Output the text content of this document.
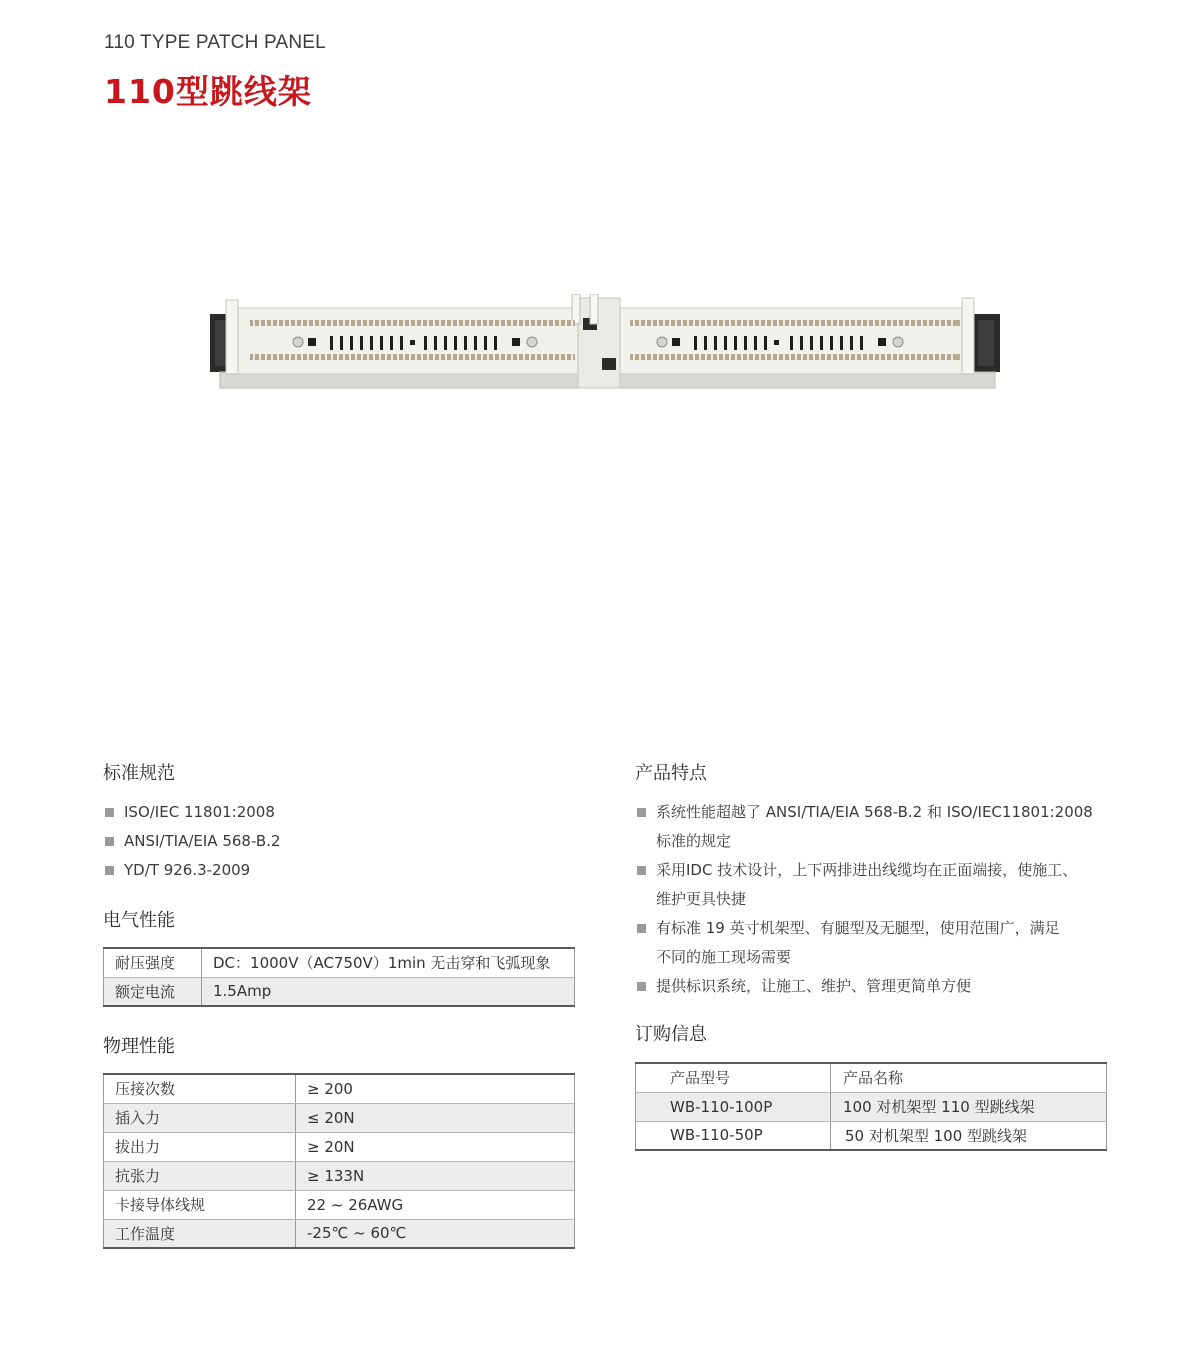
110 TYPE PATCH PANEL
110型跳线架
标准规范
ISO/IEC 11801:2008
ANSI/TIA/EIA 568-B.2
YD/T 926.3-2009
电气性能
耐压强度	DC：1000V（AC750V）1min 无击穿和飞弧现象
额定电流	1.5Amp
物理性能
压接次数	≥ 200
插入力	≤ 20N
拔出力	≥ 20N
抗张力	≥ 133N
卡接导体线规	22 ~ 26AWG
工作温度	-25℃ ~ 60℃
产品特点
系统性能超越了 ANSI/TIA/EIA 568-B.2 和 ISO/IEC11801:2008
标准的规定
采用IDC 技术设计，上下两排进出线缆均在正面端接，使施工、
维护更具快捷
有标准 19 英寸机架型、有腿型及无腿型，使用范围广，满足
不同的施工现场需要
提供标识系统，让施工、维护、管理更简单方便
订购信息
产品型号	产品名称
WB-110-100P	100 对机架型 110 型跳线架
WB-110-50P	50 对机架型 100 型跳线架
